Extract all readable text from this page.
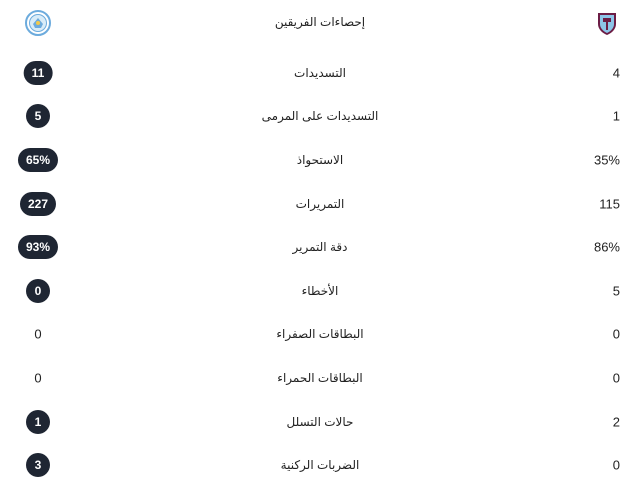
إحصاءات الفريقين
11	التسديدات	4
5	التسديدات على المرمى	1
65%	الاستحواذ	35%
227	التمريرات	115
93%	دقة التمرير	86%
0	الأخطاء	5
0	البطاقات الصفراء	0
0	البطاقات الحمراء	0
1	حالات التسلل	2
3	الضربات الركنية	0
